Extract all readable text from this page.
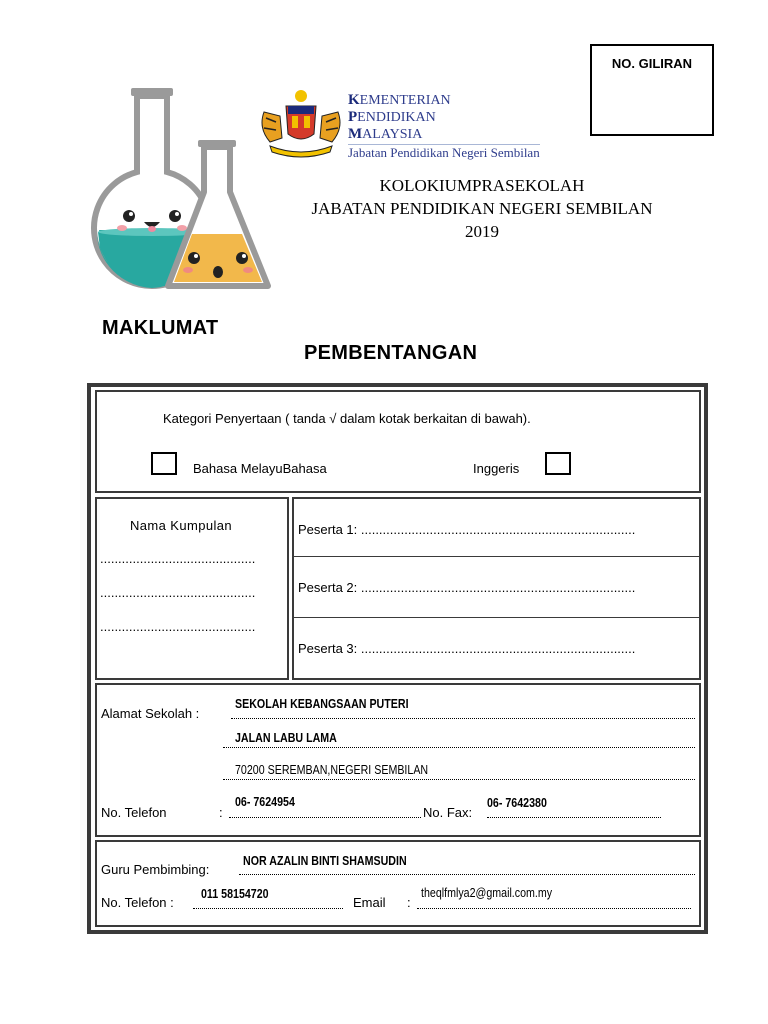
NO. GILIRAN
KEMENTERIAN
PENDIDIKAN
MALAYSIA
Jabatan Pendidikan Negeri Sembilan
KOLOKIUMPRASEKOLAH
JABATAN PENDIDIKAN NEGERI SEMBILAN
2019
MAKLUMAT
PEMBENTANGAN
Kategori Penyertaan ( tanda √ dalam kotak berkaitan di bawah).
Bahasa MelayuBahasa	Inggeris
Nama Kumpulan
...........................................
...........................................
...........................................
Peserta 1: ............................................................................
Peserta 2: ............................................................................
Peserta 3: ............................................................................
Alamat Sekolah :
SEKOLAH KEBANGSAAN PUTERI
JALAN LABU LAMA
70200 SEREMBAN,NEGERI SEMBILAN
No. Telefon	:
06- 7624954
No. Fax:
06- 7642380
Guru Pembimbing:
NOR AZALIN BINTI SHAMSUDIN
No. Telefon :
011 58154720
Email :
theqlfmlya2@gmail.com.my
